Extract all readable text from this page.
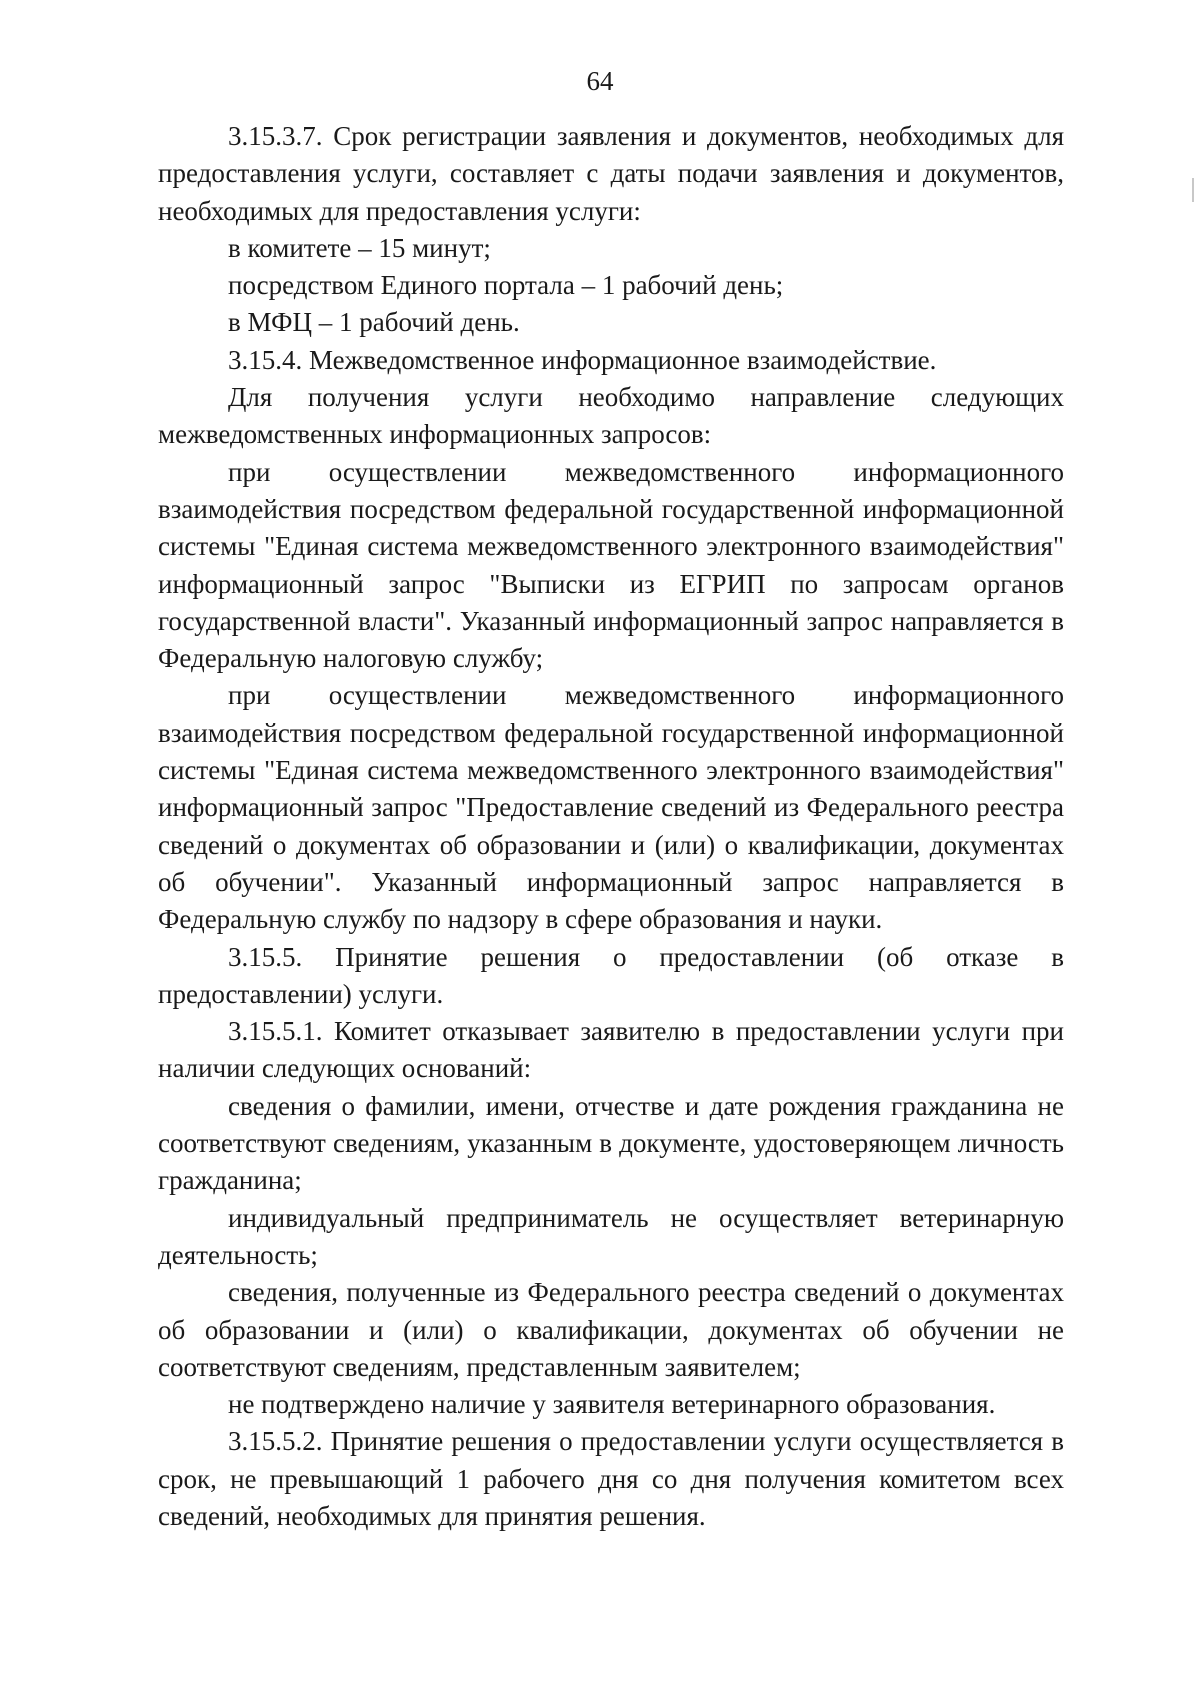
64

3.15.3.7. Срок регистрации заявления и документов, необходимых для предоставления услуги, составляет с даты подачи заявления и документов, необходимых для предоставления услуги:

в комитете – 15 минут;

посредством Единого портала – 1 рабочий день;

в МФЦ – 1 рабочий день.

3.15.4. Межведомственное информационное взаимодействие.

Для получения услуги необходимо направление следующих межведомственных информационных запросов:

при осуществлении межведомственного информационного взаимодействия посредством федеральной государственной информационной системы "Единая система межведомственного электронного взаимодействия" информационный запрос "Выписки из ЕГРИП по запросам органов государственной власти". Указанный информационный запрос направляется в Федеральную налоговую службу;

при осуществлении межведомственного информационного взаимодействия посредством федеральной государственной информационной системы "Единая система межведомственного электронного взаимодействия" информационный запрос "Предоставление сведений из Федерального реестра сведений о документах об образовании и (или) о квалификации, документах об обучении". Указанный информационный запрос направляется в Федеральную службу по надзору в сфере образования и науки.

3.15.5. Принятие решения о предоставлении (об отказе в предоставлении) услуги.

3.15.5.1. Комитет отказывает заявителю в предоставлении услуги при наличии следующих оснований:

сведения о фамилии, имени, отчестве и дате рождения гражданина не соответствуют сведениям, указанным в документе, удостоверяющем личность гражданина;

индивидуальный предприниматель не осуществляет ветеринарную деятельность;

сведения, полученные из Федерального реестра сведений о документах об образовании и (или) о квалификации, документах об обучении не соответствуют сведениям, представленным заявителем;

не подтверждено наличие у заявителя ветеринарного образования.

3.15.5.2. Принятие решения о предоставлении услуги осуществляется в срок, не превышающий 1 рабочего дня со дня получения комитетом всех сведений, необходимых для принятия решения.
